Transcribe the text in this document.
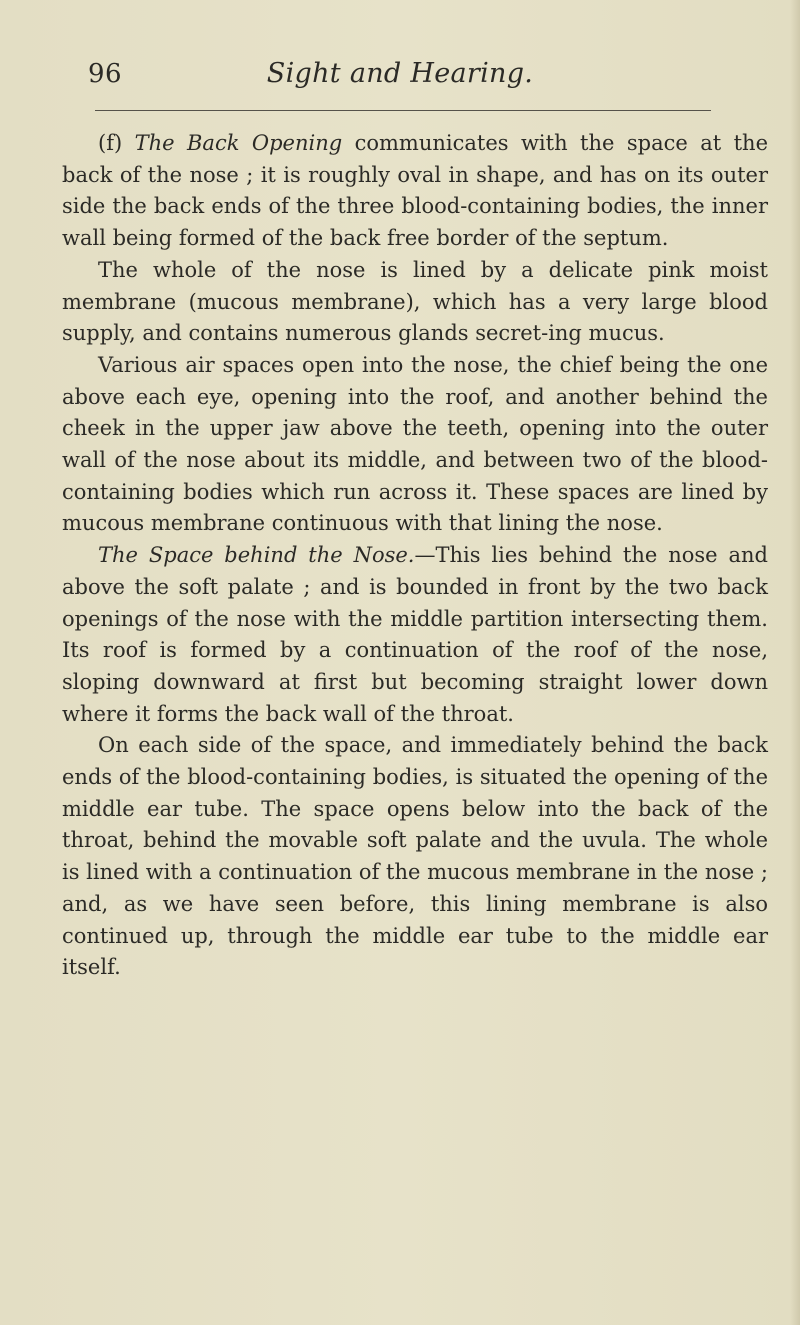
96	Sight and Hearing.

(f) The Back Opening communicates with the space at the back of the nose ; it is roughly oval in shape, and has on its outer side the back ends of the three blood-containing bodies, the inner wall being formed of the back free border of the septum.

The whole of the nose is lined by a delicate pink moist membrane (mucous membrane), which has a very large blood supply, and contains numerous glands secret-ing mucus.

Various air spaces open into the nose, the chief being the one above each eye, opening into the roof, and another behind the cheek in the upper jaw above the teeth, opening into the outer wall of the nose about its middle, and between two of the blood-containing bodies which run across it. These spaces are lined by mucous membrane continuous with that lining the nose.

The Space behind the Nose.—This lies behind the nose and above the soft palate ; and is bounded in front by the two back openings of the nose with the middle partition intersecting them. Its roof is formed by a continuation of the roof of the nose, sloping downward at first but becoming straight lower down where it forms the back wall of the throat.

On each side of the space, and immediately behind the back ends of the blood-containing bodies, is situated the opening of the middle ear tube. The space opens below into the back of the throat, behind the movable soft palate and the uvula. The whole is lined with a continuation of the mucous membrane in the nose ; and, as we have seen before, this lining membrane is also continued up, through the middle ear tube to the middle ear itself.
